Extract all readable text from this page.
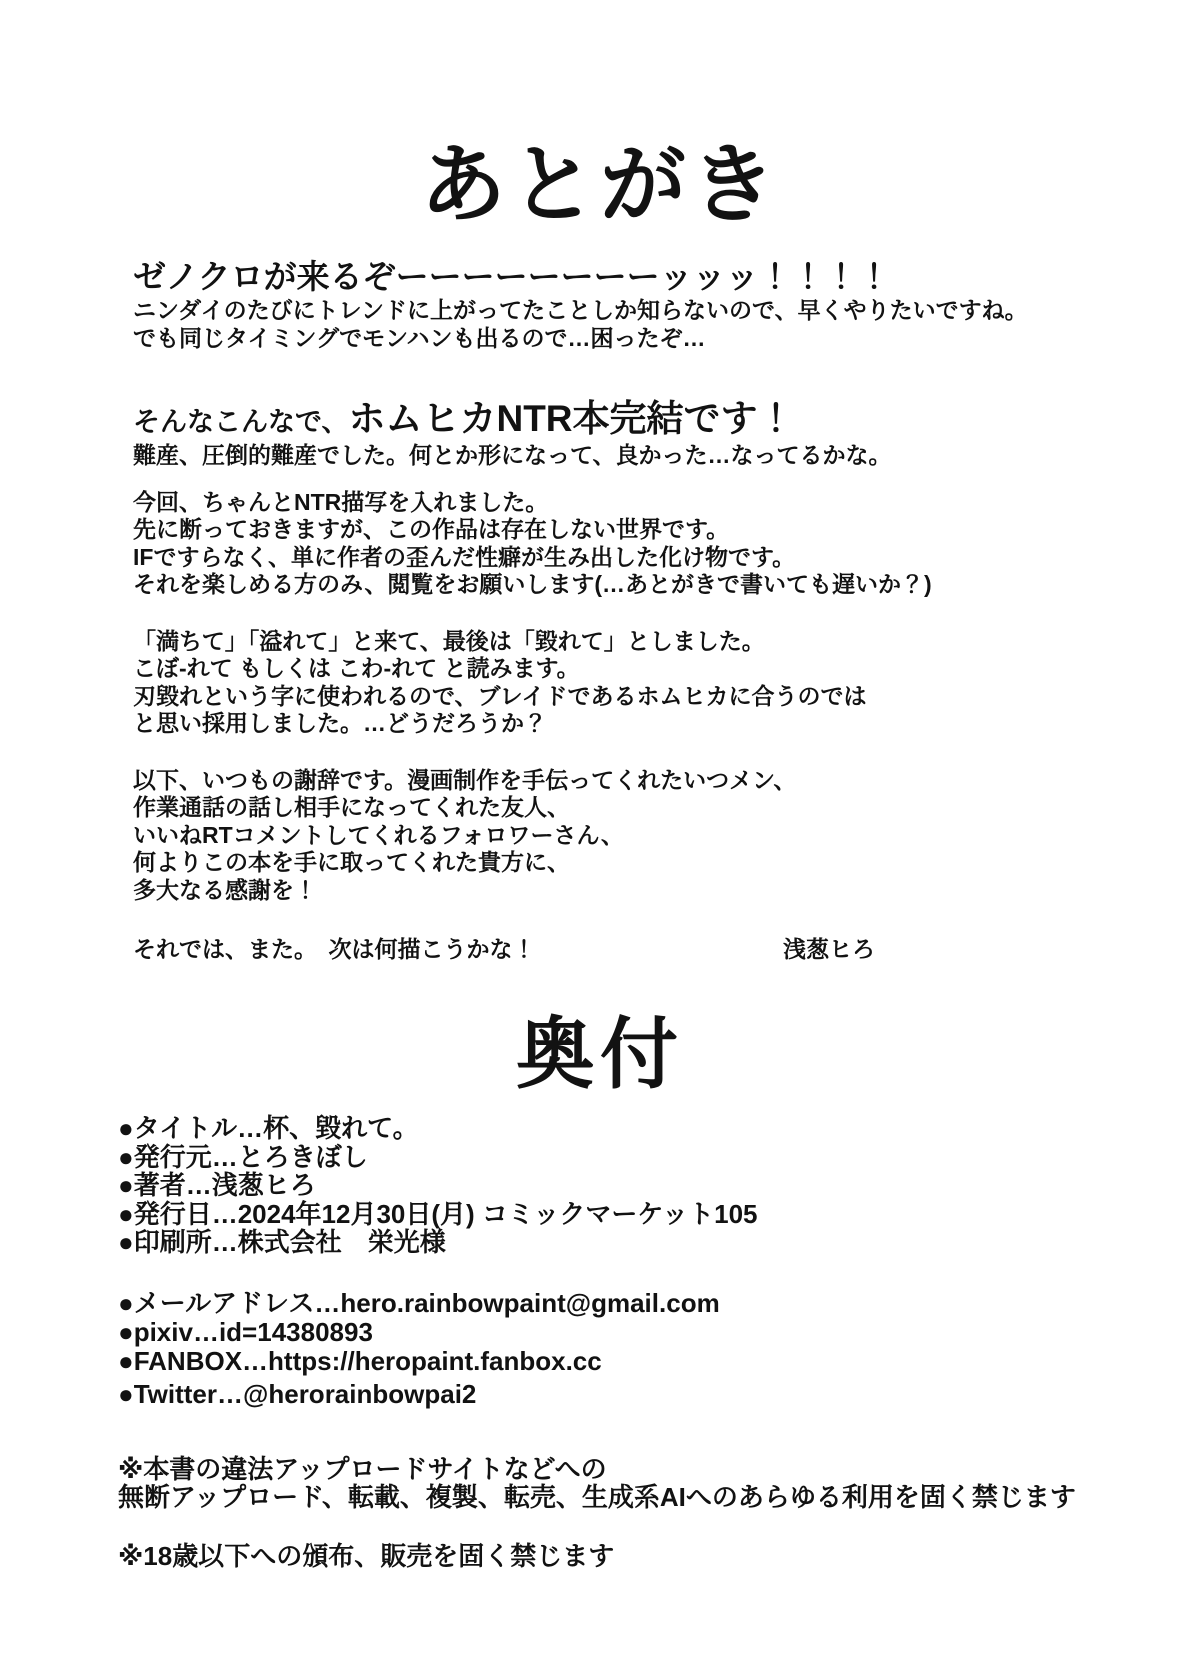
あとがき
ゼノクロが来るぞーーーーーーーーッッッ！！！！
ニンダイのたびにトレンドに上がってたことしか知らないので、早くやりたいですね。
でも同じタイミングでモンハンも出るので…困ったぞ…
そんなこんなで、ホムヒカNTR本完結です！
難産、圧倒的難産でした。何とか形になって、良かった…なってるかな。
今回、ちゃんとNTR描写を入れました。
先に断っておきますが、この作品は存在しない世界です。
IFですらなく、単に作者の歪んだ性癖が生み出した化け物です。
それを楽しめる方のみ、閲覧をお願いします(…あとがきで書いても遅いか？)
「満ちて」「溢れて」と来て、最後は「毀れて」としました。
こぼ-れて もしくは こわ-れて と読みます。
刃毀れという字に使われるので、ブレイドであるホムヒカに合うのでは
と思い採用しました。…どうだろうか？
以下、いつもの謝辞です。漫画制作を手伝ってくれたいつメン、
作業通話の話し相手になってくれた友人、
いいねRTコメントしてくれるフォロワーさん、
何よりこの本を手に取ってくれた貴方に、
多大なる感謝を！
それでは、また。　次は何描こうかな！	浅葱ヒろ
奥付
●タイトル…杯、毀れて。
●発行元…とろきぼし
●著者…浅葱ヒろ
●発行日…2024年12月30日(月) コミックマーケット105
●印刷所…株式会社　栄光様
●メールアドレス…hero.rainbowpaint@gmail.com
●pixiv…id=14380893
●FANBOX…https://heropaint.fanbox.cc
●Twitter…@herorainbowpai2
※本書の違法アップロードサイトなどへの
無断アップロード、転載、複製、転売、生成系AIへのあらゆる利用を固く禁じます
※18歳以下への頒布、販売を固く禁じます
